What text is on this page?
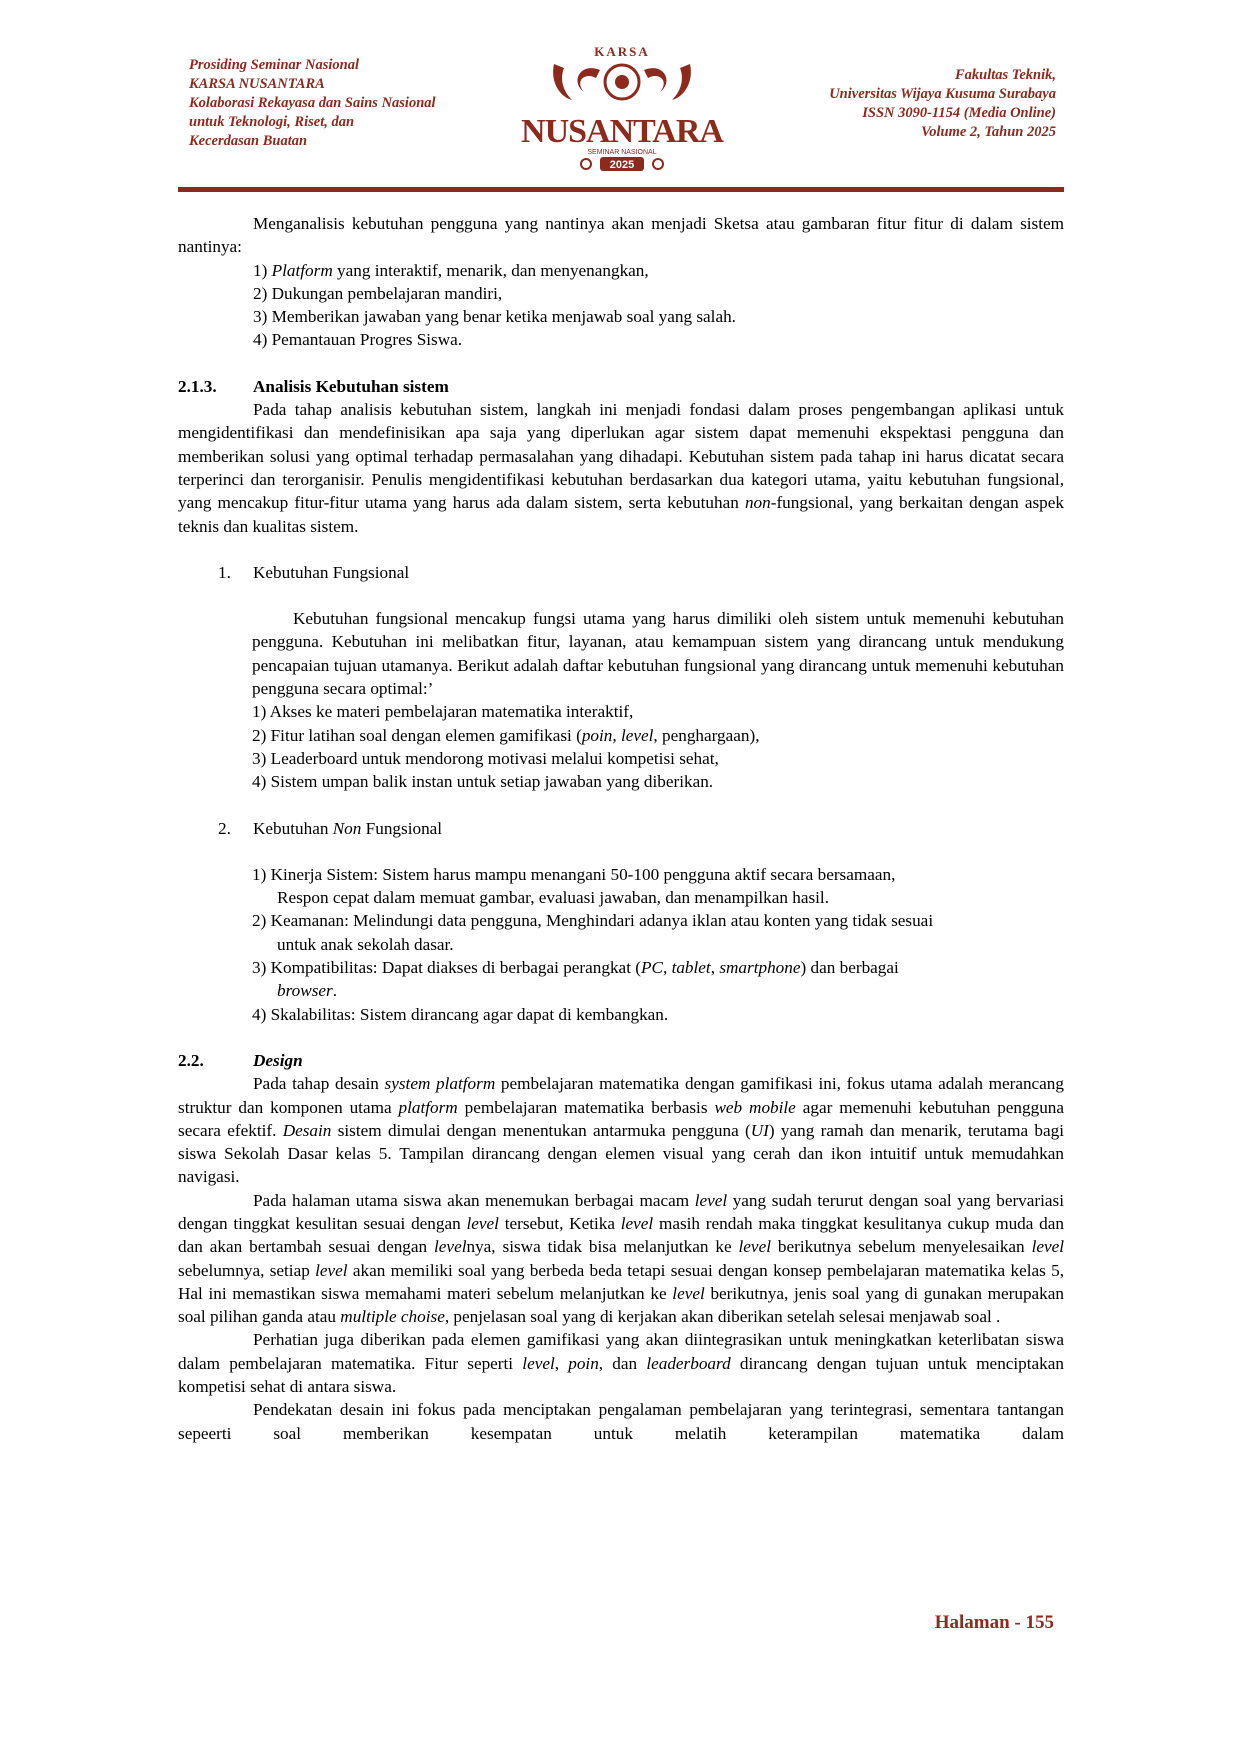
Prosiding Seminar Nasional
KARSA NUSANTARA
Kolaborasi Rekayasa dan Sains Nasional
untuk Teknologi, Riset, dan
Kecerdasan Buatan
KARSA
NUSANTARA
SEMINAR NASIONAL
2025
Fakultas Teknik,
Universitas Wijaya Kusuma Surabaya
ISSN 3090-1154 (Media Online)
Volume 2, Tahun 2025

Menganalisis kebutuhan pengguna yang nantinya akan menjadi Sketsa atau gambaran fitur fitur di dalam sistem nantinya:

1) Platform yang interaktif, menarik, dan menyenangkan,
2) Dukungan pembelajaran mandiri,
3) Memberikan jawaban yang benar ketika menjawab soal yang salah.
4) Pemantauan Progres Siswa.

2.1.3. Analisis Kebutuhan sistem

Pada tahap analisis kebutuhan sistem, langkah ini menjadi fondasi dalam proses pengembangan aplikasi untuk mengidentifikasi dan mendefinisikan apa saja yang diperlukan agar sistem dapat memenuhi ekspektasi pengguna dan memberikan solusi yang optimal terhadap permasalahan yang dihadapi. Kebutuhan sistem pada tahap ini harus dicatat secara terperinci dan terorganisir. Penulis mengidentifikasi kebutuhan berdasarkan dua kategori utama, yaitu kebutuhan fungsional, yang mencakup fitur-fitur utama yang harus ada dalam sistem, serta kebutuhan non-fungsional, yang berkaitan dengan aspek teknis dan kualitas sistem.

1. Kebutuhan Fungsional

Kebutuhan fungsional mencakup fungsi utama yang harus dimiliki oleh sistem untuk memenuhi kebutuhan pengguna. Kebutuhan ini melibatkan fitur, layanan, atau kemampuan sistem yang dirancang untuk mendukung pencapaian tujuan utamanya. Berikut adalah daftar kebutuhan fungsional yang dirancang untuk memenuhi kebutuhan pengguna secara optimal:’

1) Akses ke materi pembelajaran matematika interaktif,
2) Fitur latihan soal dengan elemen gamifikasi (poin, level, penghargaan),
3) Leaderboard untuk mendorong motivasi melalui kompetisi sehat,
4) Sistem umpan balik instan untuk setiap jawaban yang diberikan.

2. Kebutuhan Non Fungsional

1) Kinerja Sistem: Sistem harus mampu menangani 50-100 pengguna aktif secara bersamaan,
Respon cepat dalam memuat gambar, evaluasi jawaban, dan menampilkan hasil.
2) Keamanan: Melindungi data pengguna, Menghindari adanya iklan atau konten yang tidak sesuai
untuk anak sekolah dasar.
3) Kompatibilitas: Dapat diakses di berbagai perangkat (PC, tablet, smartphone) dan berbagai
browser.
4) Skalabilitas: Sistem dirancang agar dapat di kembangkan.

2.2.	Design

Pada tahap desain system platform pembelajaran matematika dengan gamifikasi ini, fokus utama adalah merancang struktur dan komponen utama platform pembelajaran matematika berbasis web mobile agar memenuhi kebutuhan pengguna secara efektif. Desain sistem dimulai dengan menentukan antarmuka pengguna (UI) yang ramah dan menarik, terutama bagi siswa Sekolah Dasar kelas 5. Tampilan dirancang dengan elemen visual yang cerah dan ikon intuitif untuk memudahkan navigasi.

Pada halaman utama siswa akan menemukan berbagai macam level yang sudah terurut dengan soal yang bervariasi dengan tinggkat kesulitan sesuai dengan level tersebut, Ketika level masih rendah maka tinggkat kesulitanya cukup muda dan dan akan bertambah sesuai dengan levelnya, siswa tidak bisa melanjutkan ke level berikutnya sebelum menyelesaikan level sebelumnya, setiap level akan memiliki soal yang berbeda beda tetapi sesuai dengan konsep pembelajaran matematika kelas 5, Hal ini memastikan siswa memahami materi sebelum melanjutkan ke level berikutnya, jenis soal yang di gunakan merupakan soal pilihan ganda atau multiple choise, penjelasan soal yang di kerjakan akan diberikan setelah selesai menjawab soal .

Perhatian juga diberikan pada elemen gamifikasi yang akan diintegrasikan untuk meningkatkan keterlibatan siswa dalam pembelajaran matematika. Fitur seperti level, poin, dan leaderboard dirancang dengan tujuan untuk menciptakan kompetisi sehat di antara siswa.

Pendekatan desain ini fokus pada menciptakan pengalaman pembelajaran yang terintegrasi, sementara tantangan sepeerti soal memberikan kesempatan untuk melatih keterampilan matematika dalam

Halaman - 155
